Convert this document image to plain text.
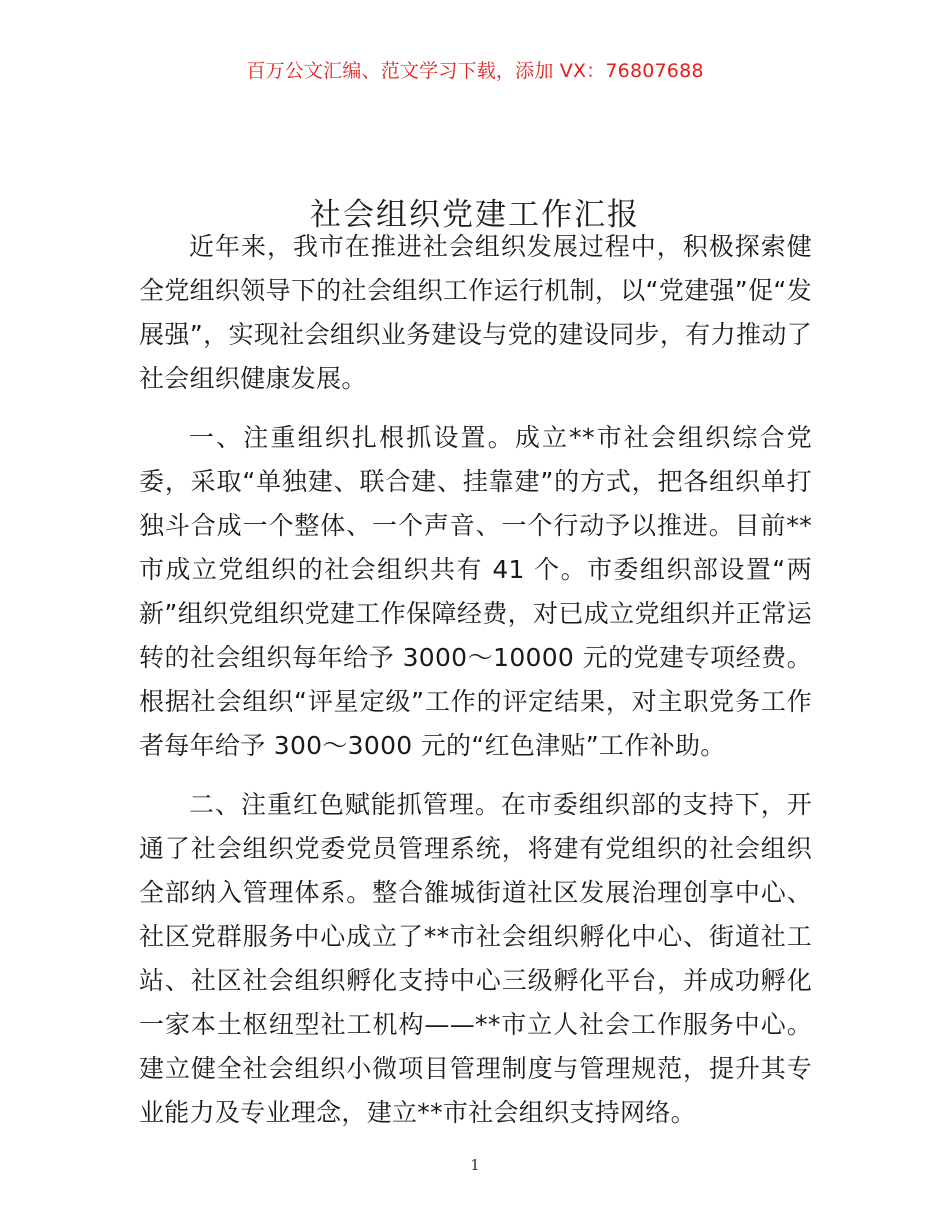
百万公文汇编、范文学习下载，添加 VX：76807688
社会组织党建工作汇报

近年来，我市在推进社会组织发展过程中，积极探索健全党组织领导下的社会组织工作运行机制，以“党建强”促“发展强”，实现社会组织业务建设与党的建设同步，有力推动了社会组织健康发展。

一、注重组织扎根抓设置。成立**市社会组织综合党委，采取“单独建、联合建、挂靠建”的方式，把各组织单打独斗合成一个整体、一个声音、一个行动予以推进。目前**市成立党组织的社会组织共有 41 个。市委组织部设置“两新”组织党组织党建工作保障经费，对已成立党组织并正常运转的社会组织每年给予 3000～10000 元的党建专项经费。根据社会组织“评星定级”工作的评定结果，对主职党务工作者每年给予 300～3000 元的“红色津贴”工作补助。

二、注重红色赋能抓管理。在市委组织部的支持下，开通了社会组织党委党员管理系统，将建有党组织的社会组织全部纳入管理体系。整合雒城街道社区发展治理创享中心、社区党群服务中心成立了**市社会组织孵化中心、街道社工站、社区社会组织孵化支持中心三级孵化平台，并成功孵化一家本土枢纽型社工机构——**市立人社会工作服务中心。建立健全社会组织小微项目管理制度与管理规范，提升其专业能力及专业理念，建立**市社会组织支持网络。

1
